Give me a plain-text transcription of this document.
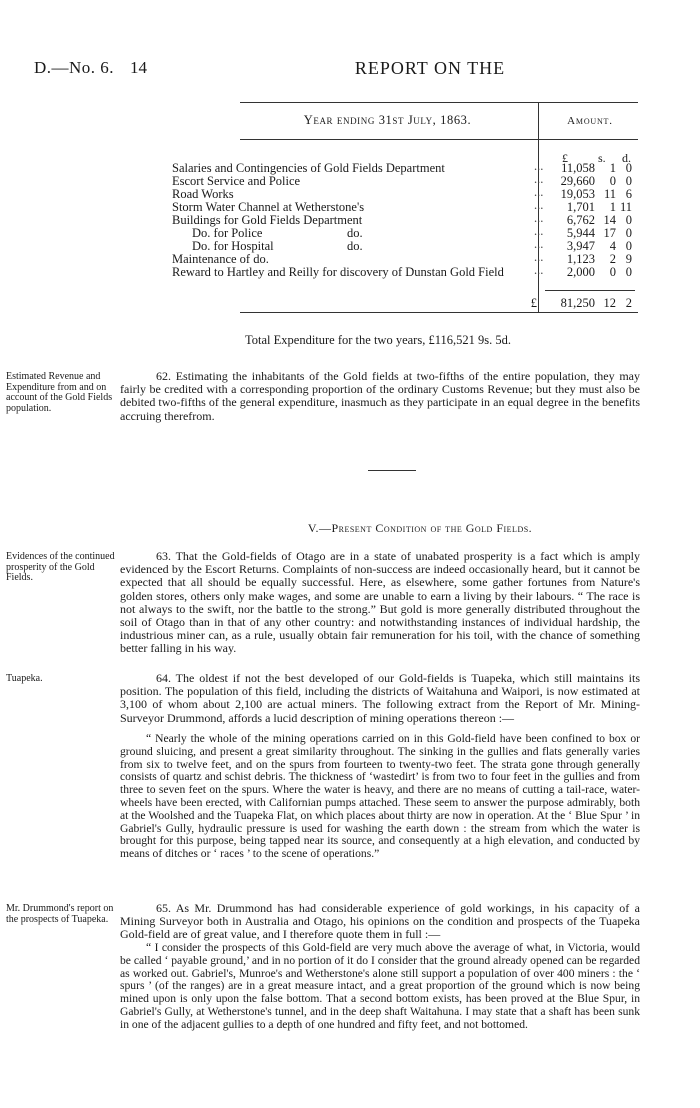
D.—No. 6. 14	REPORT ON THE
Year ending 31st July, 1863.	Amount.
£	s. d.
Salaries and Contingencies of Gold Fields Department	11,058	1 0
Escort Service and Police	29,660	0 0
Road Works	19,053 11 6
Storm Water Channel at Wetherstone's	1,701	1 11
Buildings for Gold Fields Department	6,762 14 0
Do. for Police	do.	5,944 17 0
Do. for Hospital	do.	3,947	4 0
Maintenance of do.	1,123	2 9
Reward to Hartley and Reilly for discovery of Dunstan Gold Field	2,000	0 0
£	81,250 12 2
Total Expenditure for the two years, £116,521 9s. 5d.
Estimated Revenue and Expenditure from and on account of the Gold Fields population.

62. Estimating the inhabitants of the Gold fields at two-fifths of the entire population, they may fairly be credited with a corresponding proportion of the ordinary Customs Revenue; but they must also be debited two-fifths of the general expenditure, inasmuch as they participate in an equal degree in the benefits accruing therefrom.

V.—Present Condition of the Gold Fields.
Evidences of the continued prosperity of the Gold Fields.

63. That the Gold-fields of Otago are in a state of unabated prosperity is a fact which is amply evidenced by the Escort Returns. Complaints of non-success are indeed occasionally heard, but it cannot be expected that all should be equally successful. Here, as elsewhere, some gather fortunes from Nature's golden stores, others only make wages, and some are unable to earn a living by their labours. “ The race is not always to the swift, nor the battle to the strong.” But gold is more generally distributed throughout the soil of Otago than in that of any other country: and notwithstanding instances of individual hardship, the industrious miner can, as a rule, usually obtain fair remuneration for his toil, with the chance of something better falling in his way.

Tuapeka.	64. The oldest if not the best developed of our Gold-fields is Tuapeka, which still maintains its position. The population of this field, including the districts of Waitahuna and Waipori, is now estimated at 3,100 of whom about 2,100 are actual miners. The following extract from the Report of Mr. Mining-Surveyor Drummond, affords a lucid description of mining operations thereon :—

“ Nearly the whole of the mining operations carried on in this Gold-field have been confined to box or ground sluicing, and present a great similarity throughout. The sinking in the gullies and flats generally varies from six to twelve feet, and on the spurs from fourteen to twenty-two feet. The strata gone through generally consists of quartz and schist debris. The thickness of ‘wastedirt’ is from two to four feet in the gullies and from three to seven feet on the spurs. Where the water is heavy, and there are no means of cutting a tail-race, water-wheels have been erected, with Californian pumps attached. These seem to answer the purpose admirably, both at the Woolshed and the Tuapeka Flat, on which places about thirty are now in operation. At the ‘ Blue Spur ’ in Gabriel's Gully, hydraulic pressure is used for washing the earth down : the stream from which the water is brought for this purpose, being tapped near its source, and consequently at a high elevation, and conducted by means of ditches or ‘ races ’ to the scene of operations.”

Mr. Drummond's report on the prospects of Tuapeka.

65. As Mr. Drummond has had considerable experience of gold workings, in his capacity of a Mining Surveyor both in Australia and Otago, his opinions on the condition and prospects of the Tuapeka Gold-field are of great value, and I therefore quote them in full :—

“ I consider the prospects of this Gold-field are very much above the average of what, in Victoria, would be called ‘ payable ground,’ and in no portion of it do I consider that the ground already opened can be regarded as worked out. Gabriel's, Munroe's and Wetherstone's alone still support a population of over 400 miners : the ‘ spurs ’ (of the ranges) are in a great measure intact, and a great proportion of the ground which is now being mined upon is only upon the false bottom. That a second bottom exists, has been proved at the Blue Spur, in Gabriel's Gully, at Wetherstone's tunnel, and in the deep shaft Waitahuna. I may state that a shaft has been sunk in one of the adjacent gullies to a depth of one hundred and fifty feet, and not bottomed.
